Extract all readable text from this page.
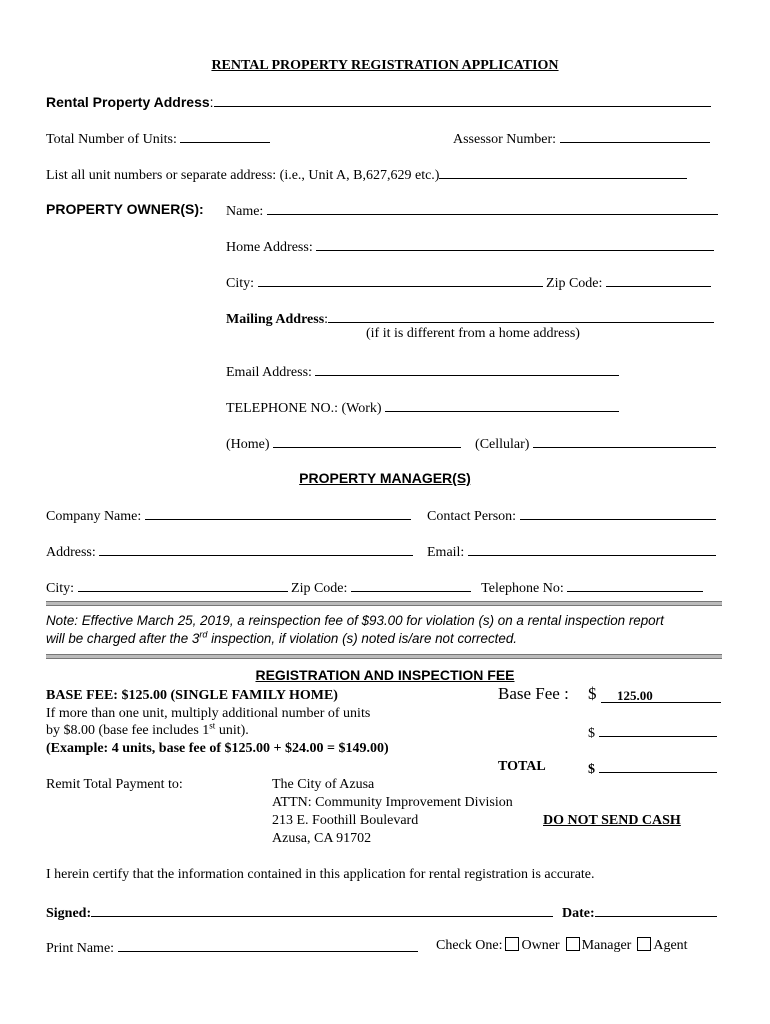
RENTAL PROPERTY REGISTRATION APPLICATION
Rental Property Address:
Total Number of Units:	Assessor Number:
List all unit numbers or separate address: (i.e., Unit A, B,627,629 etc.)
PROPERTY OWNER(S): Name:
Home Address:
City:	Zip Code:
Mailing Address:
(if it is different from a home address)
Email Address:
TELEPHONE NO.: (Work)
(Home)	(Cellular)
PROPERTY MANAGER(S)
Company Name:	Contact Person:
Address:	Email:
City:	Zip Code:	Telephone No:
Note: Effective March 25, 2019, a reinspection fee of $93.00 for violation (s) on a rental inspection report
will be charged after the 3rd inspection, if violation (s) noted is/are not corrected.
REGISTRATION AND INSPECTION FEE
BASE FEE: $125.00 (SINGLE FAMILY HOME)	Base Fee : $	125.00
If more than one unit, multiply additional number of units
by $8.00 (base fee includes 1st unit).	$
(Example: 4 units, base fee of $125.00 + $24.00 = $149.00)
TOTAL	$
Remit Total Payment to:	The City of Azusa
ATTN: Community Improvement Division
213 E. Foothill Boulevard	DO NOT SEND CASH
Azusa, CA 91702
I herein certify that the information contained in this application for rental registration is accurate.
Signed:	Date:
Print Name:	Check One: Owner Manager Agent
